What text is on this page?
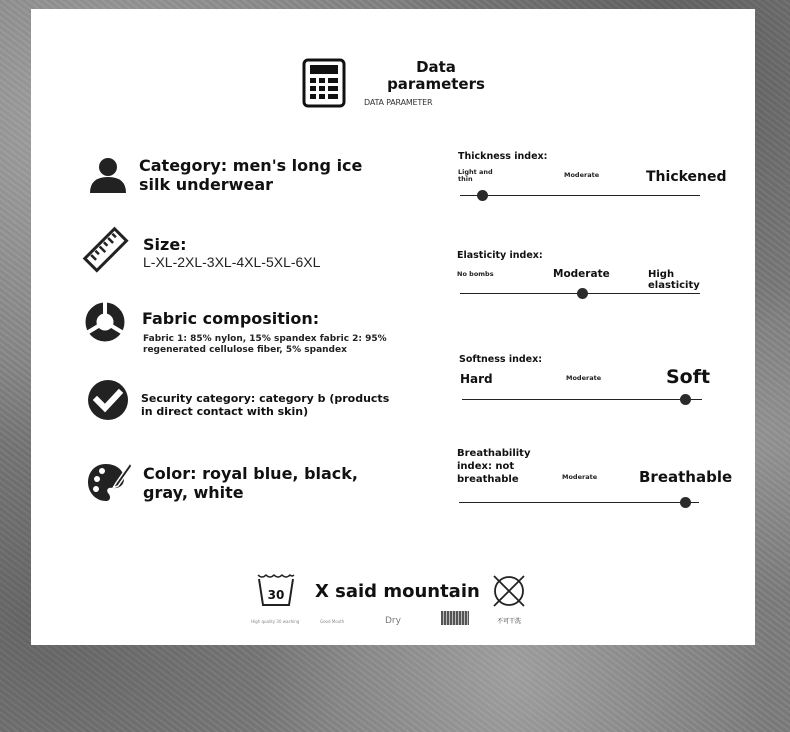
Data parameters
DATA PARAMETER
Category: men's long ice silk underwear
Size:
L-XL-2XL-3XL-4XL-5XL-6XL
Fabric composition:
Fabric 1: 85% nylon, 15% spandex fabric 2: 95% regenerated cellulose fiber, 5% spandex
Security category: category b (products in direct contact with skin)
Color: royal blue, black, gray, white
Thickness index:
Light and thin	Moderate	Thickened
Elasticity index:
No bombs	Moderate	High elasticity
Softness index:
Hard	Moderate	Soft
Breathability index: not breathable	Moderate	Breathable
30
High quality 30 washing	Good Mouth
X said mountain
Dry	不可干洗
